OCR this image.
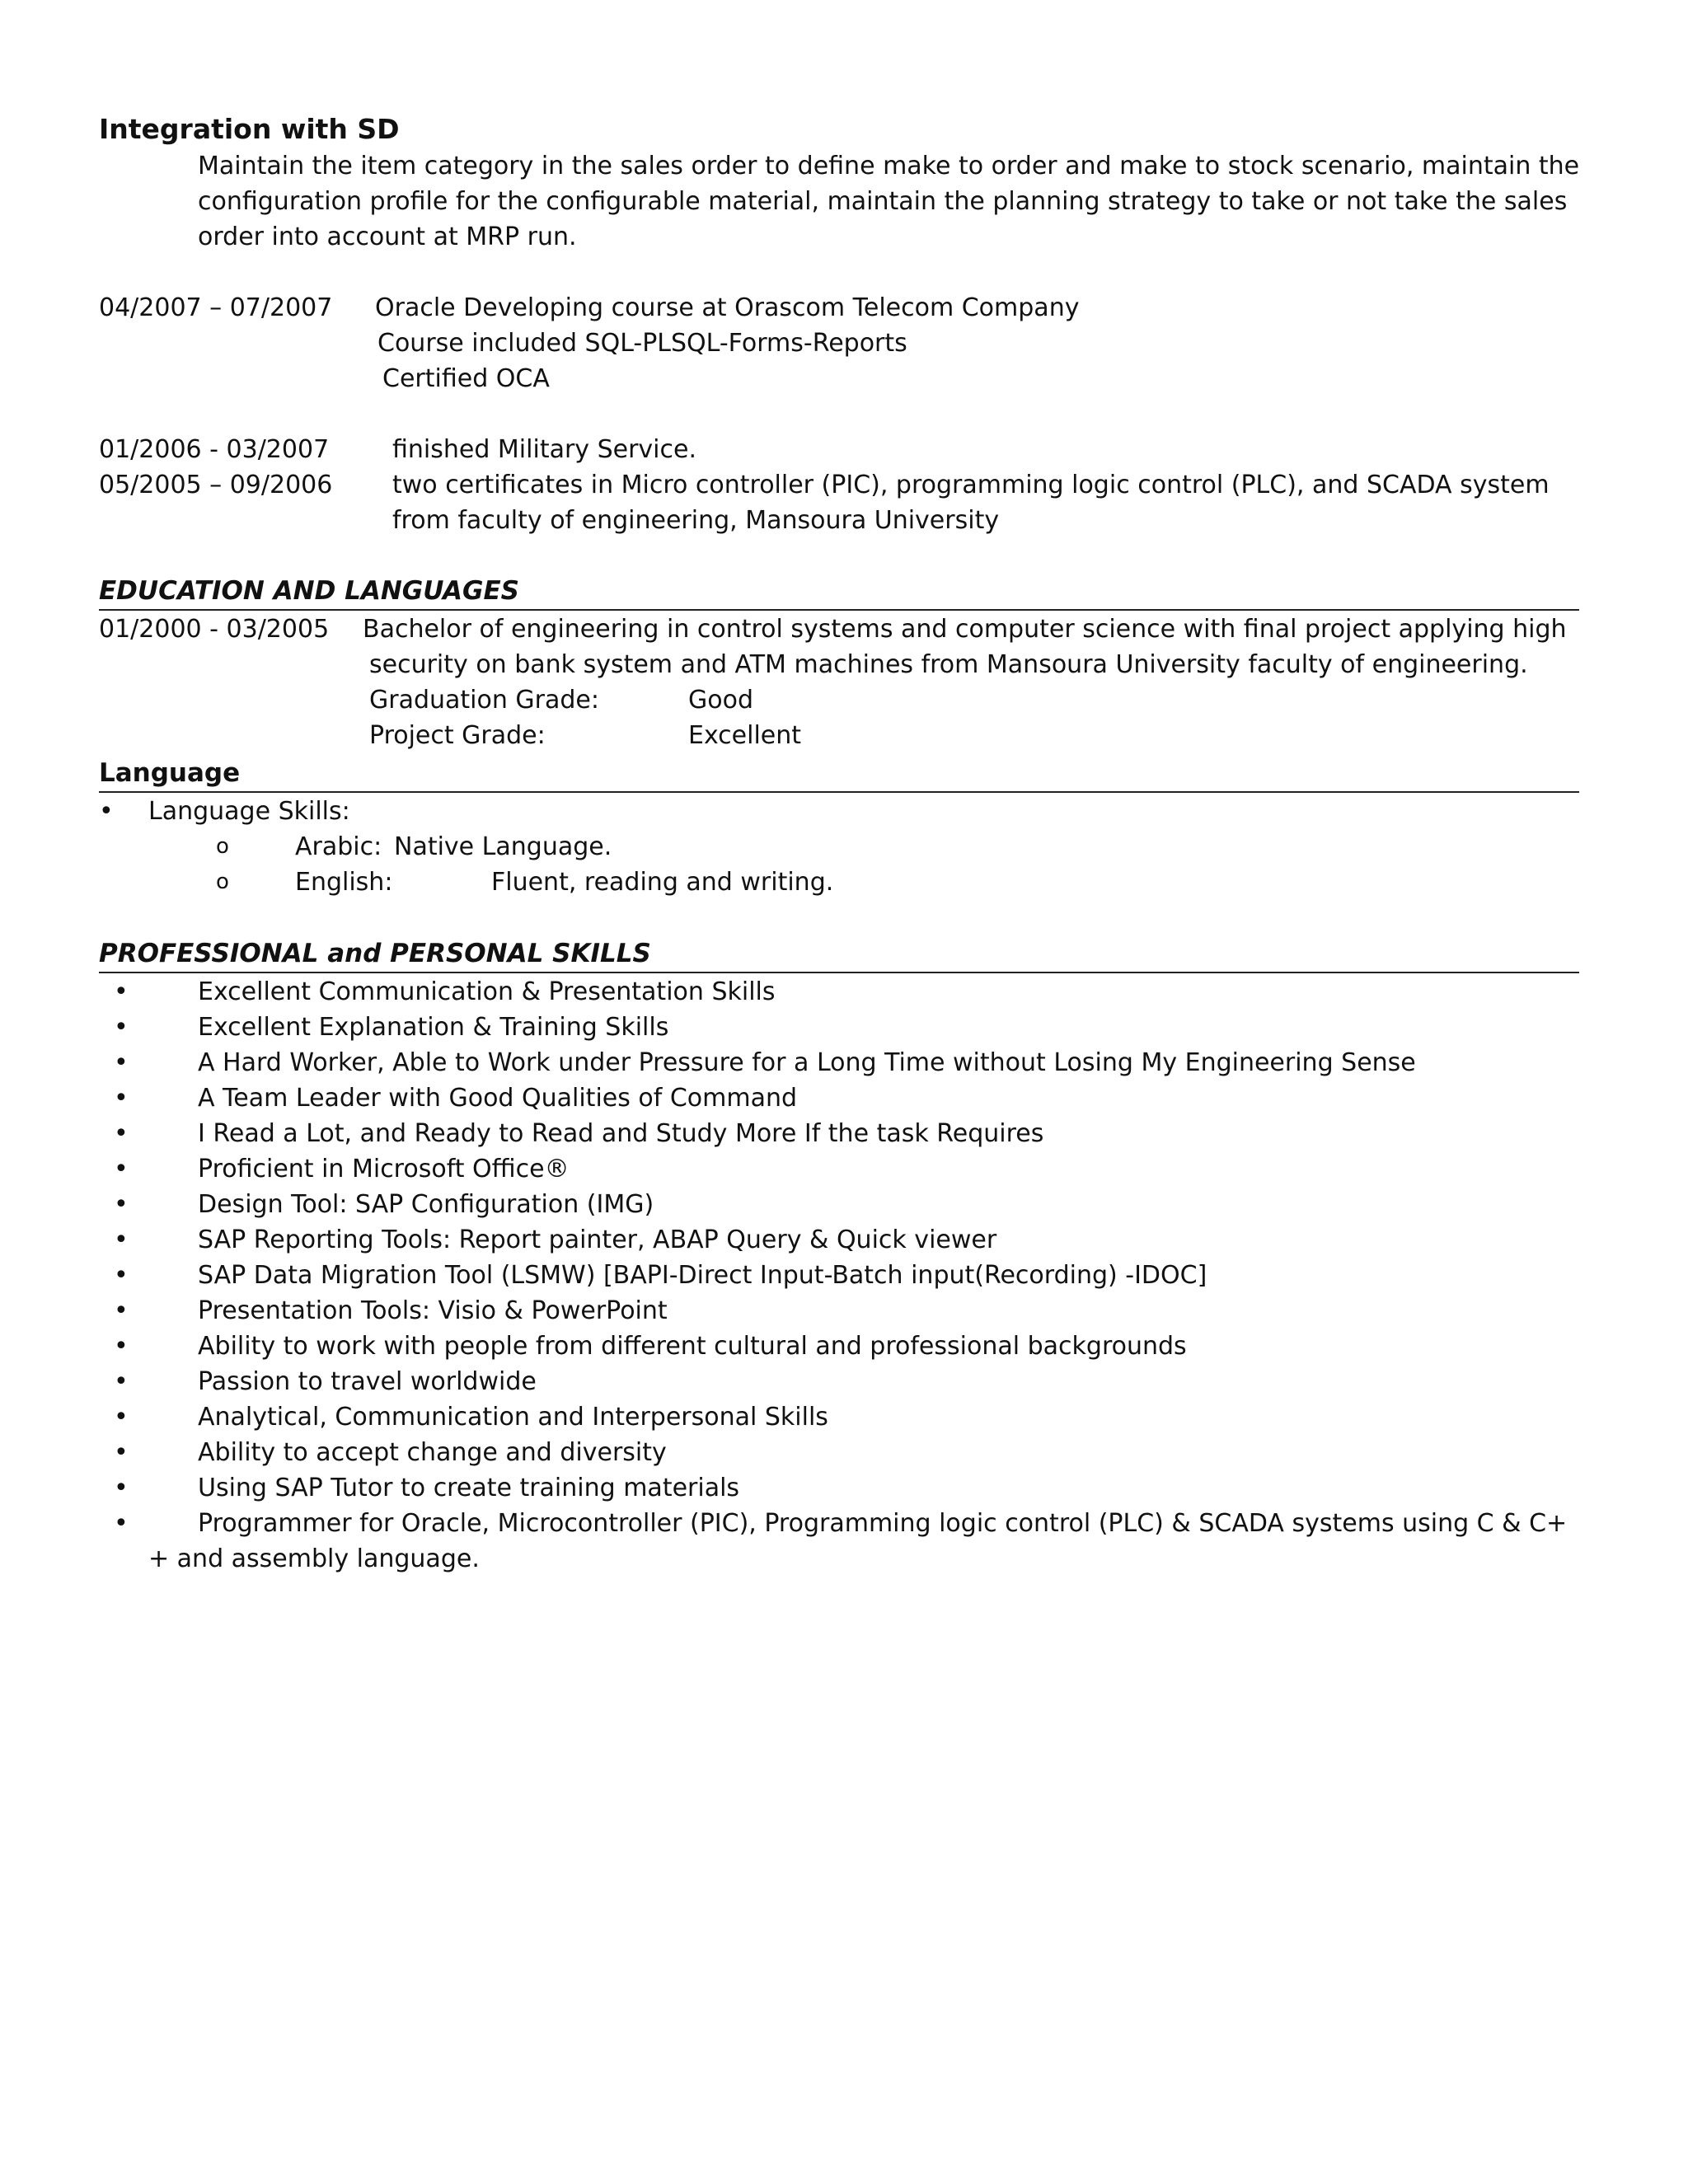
Integration with SD
Maintain the item category in the sales order to define make to order and make to stock scenario, maintain the configuration profile for the configurable material, maintain the planning strategy to take or not take the sales order into account at MRP run.
04/2007 – 07/2007 Oracle Developing course at Orascom Telecom Company
Course included SQL-PLSQL-Forms-Reports
Certified OCA
01/2006 - 03/2007	finished Military Service.
05/2005 – 09/2006 two certificates in Micro controller (PIC), programming logic control (PLC), and SCADA system
from faculty of engineering, Mansoura University
EDUCATION AND LANGUAGES
01/2000 - 03/2005 Bachelor of engineering in control systems and computer science with final project applying high
security on bank system and ATM machines from Mansoura University faculty of engineering.
Graduation Grade:	Good
Project Grade:	Excellent
Language
• Language Skills:
o	Arabic: Native Language.
o	English:	Fluent, reading and writing.
PROFESSIONAL and PERSONAL SKILLS
•	Excellent Communication & Presentation Skills
•	Excellent Explanation & Training Skills
•	A Hard Worker, Able to Work under Pressure for a Long Time without Losing My Engineering Sense
•	A Team Leader with Good Qualities of Command
•	I Read a Lot, and Ready to Read and Study More If the task Requires
•	Proficient in Microsoft Office®
•	Design Tool: SAP Configuration (IMG)
•	SAP Reporting Tools: Report painter, ABAP Query & Quick viewer
•	SAP Data Migration Tool (LSMW) [BAPI-Direct Input-Batch input(Recording) -IDOC]
•	Presentation Tools: Visio & PowerPoint
•	Ability to work with people from different cultural and professional backgrounds
•	Passion to travel worldwide
•	Analytical, Communication and Interpersonal Skills
•	Ability to accept change and diversity
•	Using SAP Tutor to create training materials
•	Programmer for Oracle, Microcontroller (PIC), Programming logic control (PLC) & SCADA systems using C & C+
+ and assembly language.
